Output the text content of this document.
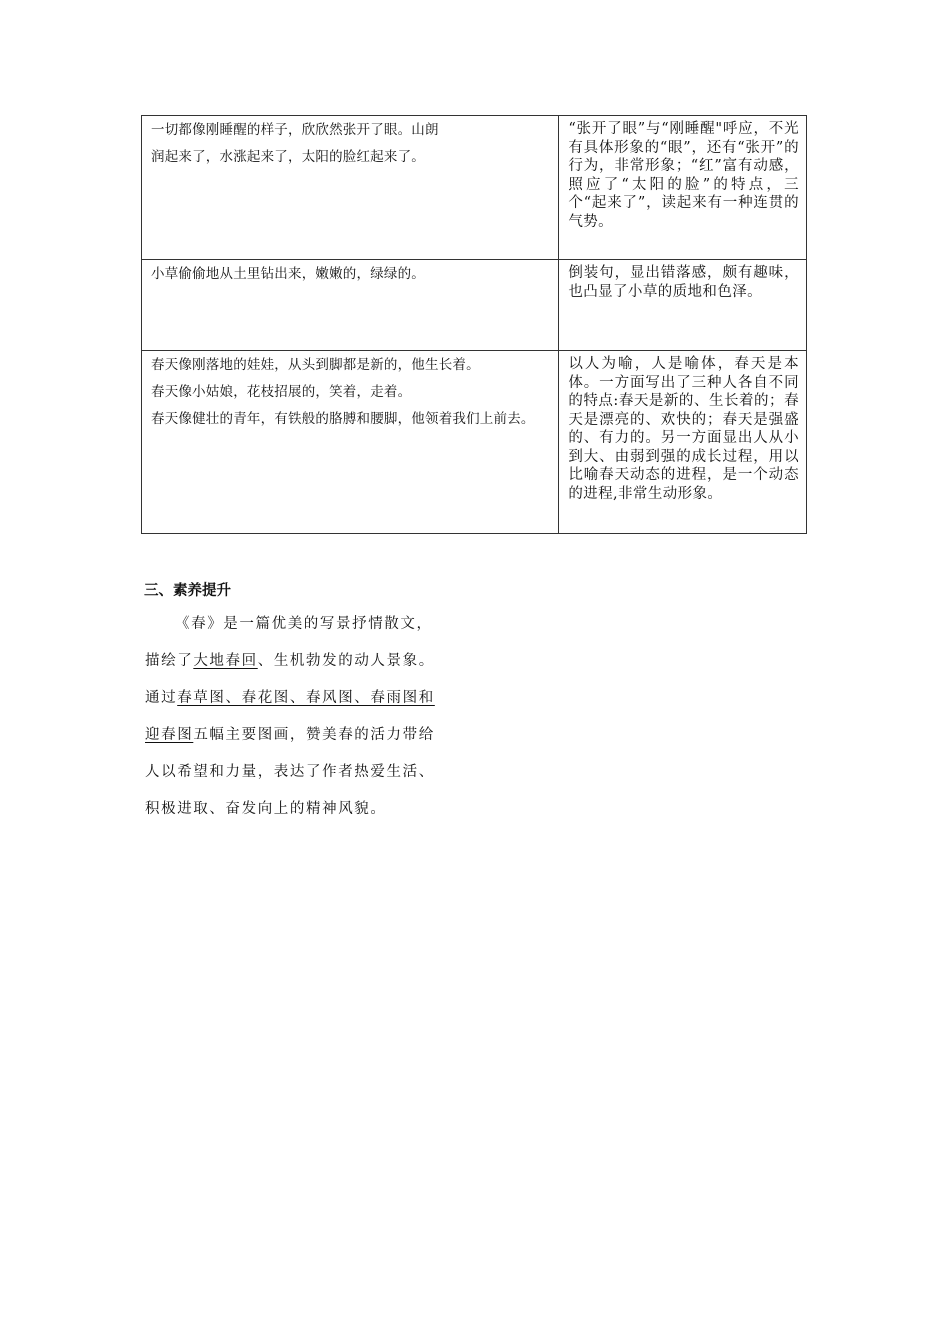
一切都像刚睡醒的样子，欣欣然张开了眼。山朗

润起来了，水涨起来了，太阳的脸红起来了。	“张开了眼”与“刚睡醒"呼应，不光有具体形象的“眼”，还有“张开”的行为，非常形象；“红”富有动感，照应了“太阳的脸”的特点，三个“起来了”，读起来有一种连贯的气势。

小草偷偷地从土里钻出来，嫩嫩的，绿绿的。	倒装句，显出错落感，颇有趣味，也凸显了小草的质地和色泽。

春天像刚落地的娃娃，从头到脚都是新的，他生长着。

春天像小姑娘，花枝招展的，笑着，走着。

春天像健壮的青年，有铁般的胳膊和腰脚，他领着我们上前去。	以人为喻，人是喻体，春天是本体。一方面写出了三种人各自不同的特点:春天是新的、生长着的；春天是漂亮的、欢快的；春天是强盛的、有力的。另一方面显出人从小到大、由弱到强的成长过程，用以比喻春天动态的进程，是一个动态的进程,非常生动形象。

三、素养提升
《春》是一篇优美的写景抒情散文，
描绘了大地春回、生机勃发的动人景象。
通过春草图、春花图、春风图、春雨图和
迎春图五幅主要图画，赞美春的活力带给
人以希望和力量，表达了作者热爱生活、
积极进取、奋发向上的精神风貌。
